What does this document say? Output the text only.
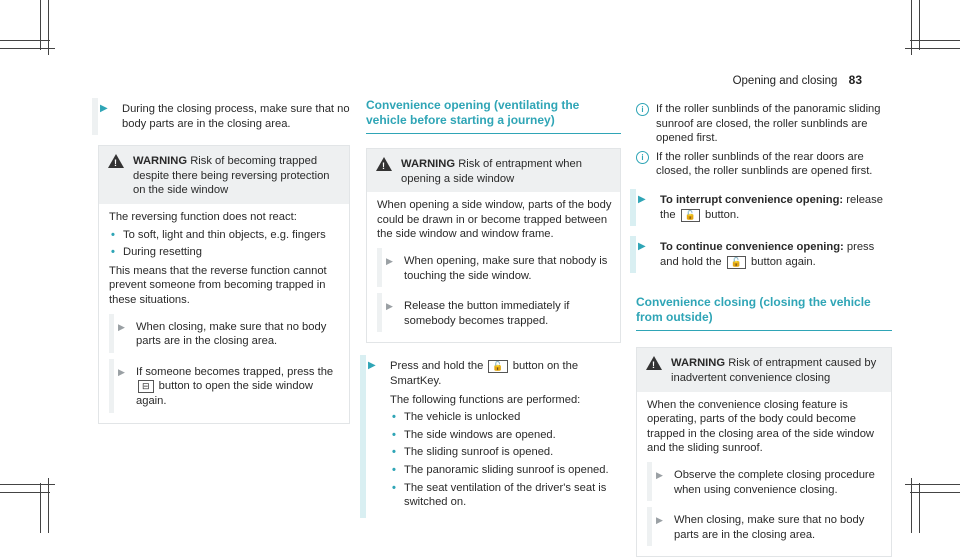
Opening and closing 83
▶ During the closing process, make sure that no body parts are in the closing area.
!
WARNING Risk of becoming trapped despite there being reversing protection on the side window

The reversing function does not react:

• To soft, light and thin objects, e.g. fingers
• During resetting

This means that the reverse function cannot prevent someone from becoming trapped in these situations.

▶ When closing, make sure that no body parts are in the closing area.
▶ If someone becomes trapped, press the ⊟ button to open the side window again.
Convenience opening (ventilating the vehicle before starting a journey)
!
WARNING Risk of entrapment when opening a side window

When opening a side window, parts of the body could be drawn in or become trapped between the side window and window frame.

▶ When opening, make sure that nobody is touching the side window.
▶ Release the button immediately if somebody becomes trapped.
▶ Press and hold the 🔓 button on the SmartKey.

The following functions are performed:

• The vehicle is unlocked
• The side windows are opened.
• The sliding sunroof is opened.
• The panoramic sliding sunroof is opened.
• The seat ventilation of the driver's seat is switched on.
i	If the roller sunblinds of the panoramic sliding sunroof are closed, the roller sunblinds are opened first.
i	If the roller sunblinds of the rear doors are closed, the roller sunblinds are opened first.
▶ To interrupt convenience opening: release the 🔓 button.
▶ To continue convenience opening: press and hold the 🔓 button again.
Convenience closing (closing the vehicle from outside)
!
WARNING Risk of entrapment caused by inadvertent convenience closing

When the convenience closing feature is operating, parts of the body could become trapped in the closing area of the side window and the sliding sunroof.

▶ Observe the complete closing procedure when using convenience closing.
▶ When closing, make sure that no body parts are in the closing area.
